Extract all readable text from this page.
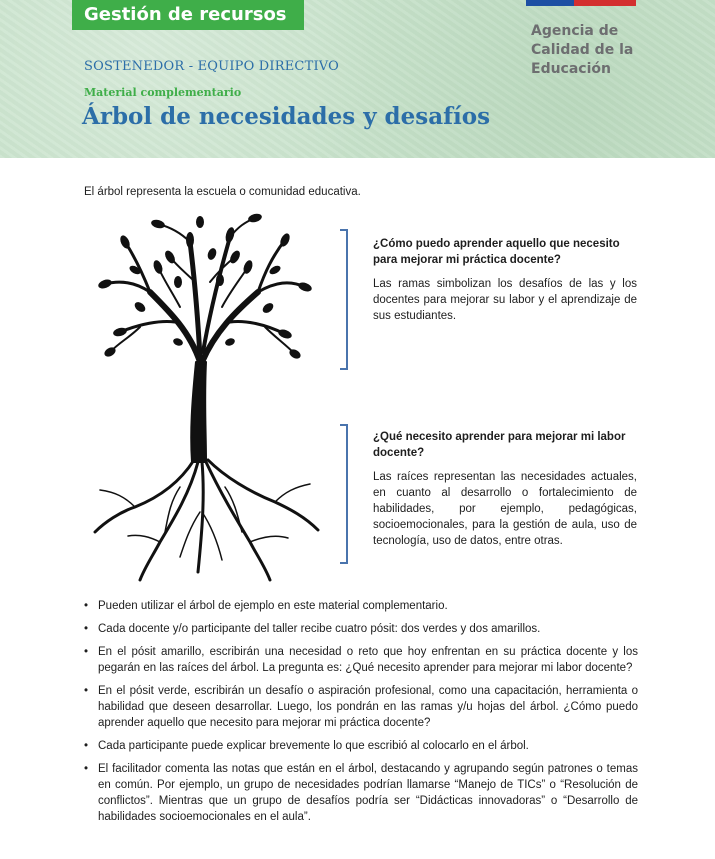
Gestión de recursos
Agencia de
Calidad de la
Educación
SOSTENEDOR - EQUIPO DIRECTIVO
Material complementario
Árbol de necesidades y desafíos

El árbol representa la escuela o comunidad educativa.

¿Cómo puedo aprender aquello que necesito para mejorar mi práctica docente?
Las ramas simbolizan los desafíos de las y los docentes para mejorar su labor y el aprendizaje de sus estudiantes.
¿Qué necesito aprender para mejorar mi labor docente?
Las raíces representan las necesidades actuales, en cuanto al desarrollo o fortalecimiento de habilidades, por ejemplo, pedagógicas, socioemocionales, para la gestión de aula, uso de tecnología, uso de datos, entre otras.
• Pueden utilizar el árbol de ejemplo en este material complementario.
• Cada docente y/o participante del taller recibe cuatro pósit: dos verdes y dos amarillos.
• En el pósit amarillo, escribirán una necesidad o reto que hoy enfrentan en su práctica docente y los pegarán en las raíces del árbol. La pregunta es: ¿Qué necesito aprender para mejorar mi labor docente?
• En el pósit verde, escribirán un desafío o aspiración profesional, como una capacitación, herramienta o habilidad que deseen desarrollar. Luego, los pondrán en las ramas y/u hojas del árbol. ¿Cómo puedo aprender aquello que necesito para mejorar mi práctica docente?
• Cada participante puede explicar brevemente lo que escribió al colocarlo en el árbol.
• El facilitador comenta las notas que están en el árbol, destacando y agrupando según patrones o temas en común. Por ejemplo, un grupo de necesidades podrían llamarse “Manejo de TICs” o “Resolución de conflictos”. Mientras que un grupo de desafíos podría ser “Didácticas innovadoras” o “Desarrollo de habilidades socioemocionales en el aula”.
